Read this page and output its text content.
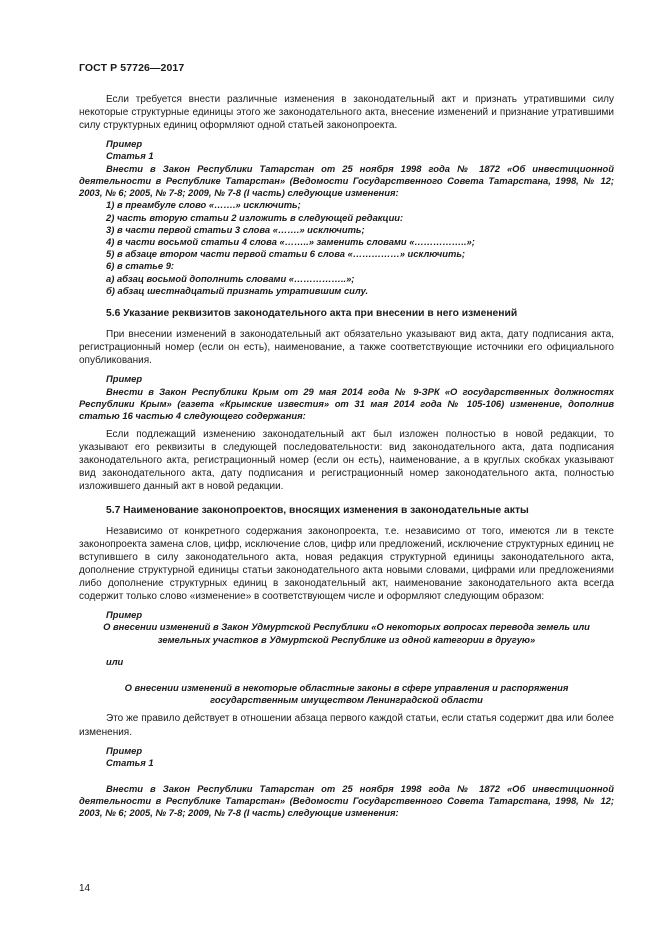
ГОСТ Р 57726—2017

Если требуется внести различные изменения в законодательный акт и признать утратившими силу некоторые структурные единицы этого же законодательного акта, внесение изменений и признание утратившими силу структурных единиц оформляют одной статьей законопроекта.

Пример

Статья 1

Внести в Закон Республики Татарстан от 25 ноября 1998 года № 1872 «Об инвестиционной деятельности в Республике Татарстан» (Ведомости Государственного Совета Татарстана, 1998, № 12; 2003, № 6; 2005, № 7-8; 2009, № 7-8 (I часть) следующие изменения:

1) в преамбуле слово «…….» исключить;

2) часть вторую статьи 2 изложить в следующей редакции:

3) в части первой статьи 3 слова «…….» исключить;

4) в части восьмой статьи 4 слова «……..» заменить словами «……………..»;

5) в абзаце втором части первой статьи 6 слова «……………» исключить;

6) в статье 9:

а) абзац восьмой дополнить словами «……………..»;

б) абзац шестнадцатый признать утратившим силу.

5.6 Указание реквизитов законодательного акта при внесении в него изменений

При внесении изменений в законодательный акт обязательно указывают вид акта, дату подписания акта, регистрационный номер (если он есть), наименование, а также соответствующие источники его официального опубликования.

Пример

Внести в Закон Республики Крым от 29 мая 2014 года № 9-ЗРК «О государственных должностях Республики Крым» (газета «Крымские известия» от 31 мая 2014 года № 105-106) изменение, дополнив статью 16 частью 4 следующего содержания:

Если подлежащий изменению законодательный акт был изложен полностью в новой редакции, то указывают его реквизиты в следующей последовательности: вид законодательного акта, дата подписания законодательного акта, регистрационный номер (если он есть), наименование, а в круглых скобках указывают вид законодательного акта, дату подписания и регистрационный номер законодательного акта, полностью изложившего данный акт в новой редакции.

5.7 Наименование законопроектов, вносящих изменения в законодательные акты

Независимо от конкретного содержания законопроекта, т.е. независимо от того, имеются ли в тексте законопроекта замена слов, цифр, исключение слов, цифр или предложений, исключение структурных единиц не вступившего в силу законодательного акта, новая редакция структурной единицы законодательного акта, дополнение структурной единицы статьи законодательного акта новыми словами, цифрами или предложениями либо дополнение структурных единиц в законодательный акт, наименование законодательного акта всегда содержит только слово «изменение» в соответствующем числе и оформляют следующим образом:

Пример

О внесении изменений в Закон Удмуртской Республики «О некоторых вопросах перевода земель или земельных участков в Удмуртской Республике из одной категории в другую»

или

О внесении изменений в некоторые областные законы в сфере управления и распоряжения государственным имуществом Ленинградской области

Это же правило действует в отношении абзаца первого каждой статьи, если статья содержит два или более изменения.

Пример

Статья 1

Внести в Закон Республики Татарстан от 25 ноября 1998 года № 1872 «Об инвестиционной деятельности в Республике Татарстан» (Ведомости Государственного Совета Татарстана, 1998, № 12; 2003, № 6; 2005, № 7-8; 2009, № 7-8 (I часть) следующие изменения:

14
